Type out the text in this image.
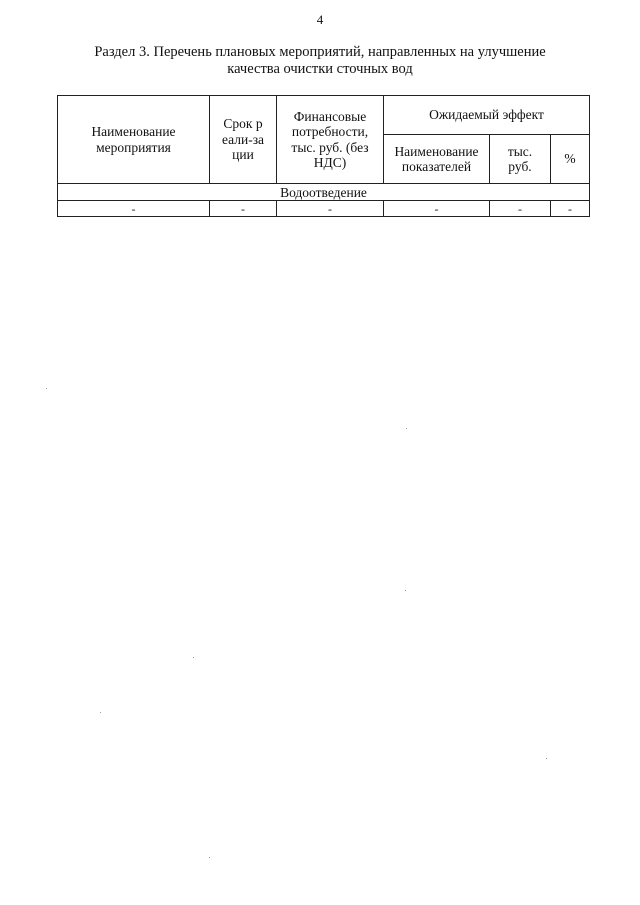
4
Раздел 3. Перечень плановых мероприятий, направленных на улучшение
качества очистки сточных вод
Наименование мероприятия	Срок реали-зации	Финансовые потребности, тыс. руб. (без НДС)	Ожидаемый эффект		

			Наименование показателей	тыс. руб.	%
Водоотведение					
-	-	-	-	-	-
